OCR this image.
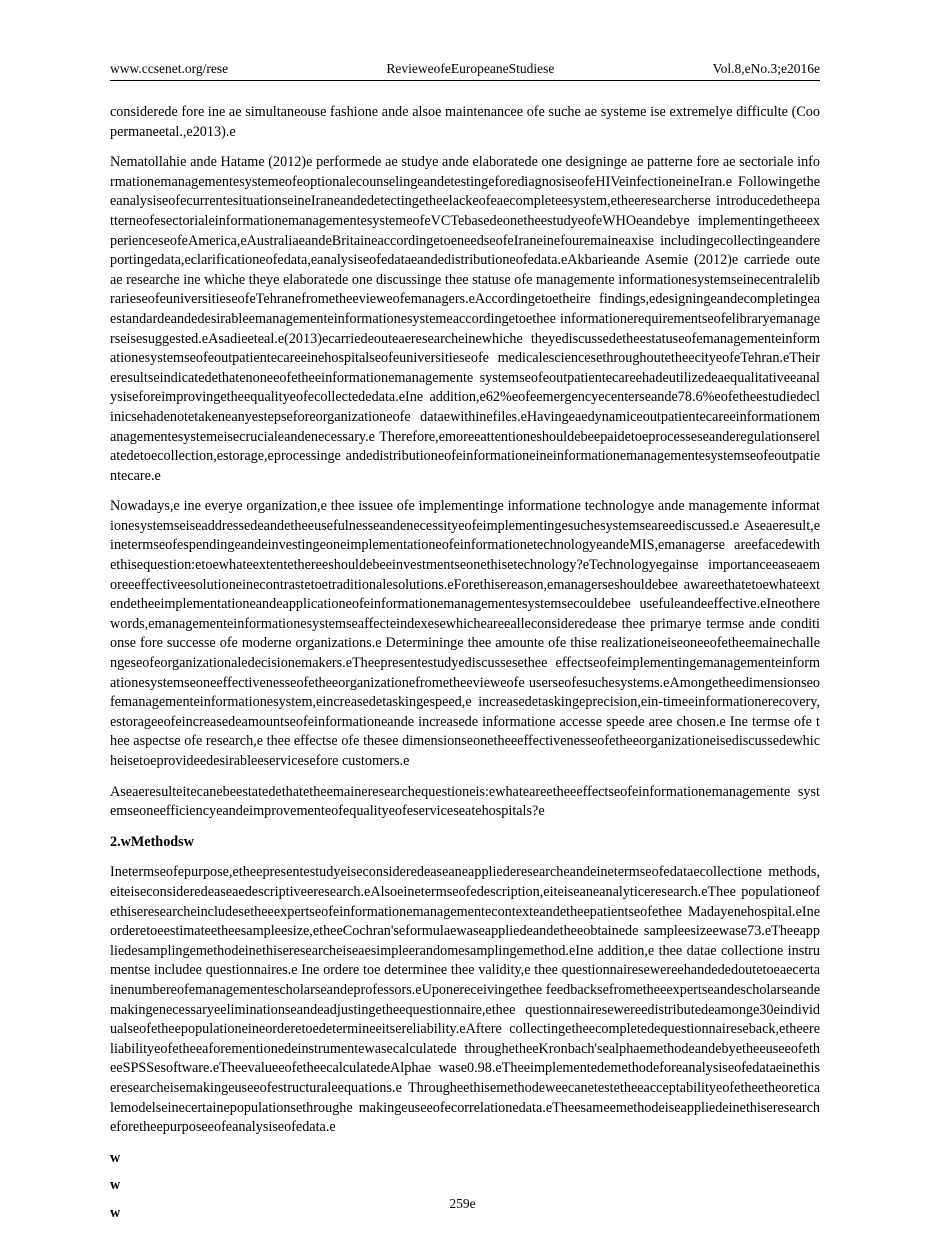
www.ccsenet.org/rese	RevieweofeEuropeaneStudiese	Vol.8,eNo.3;e2016e

considerede fore ine ae simultaneouse fashione ande alsoe maintenancee ofe suche ae systeme ise extremelye difficulte (Coopermaneetal.,e2013).e

Nematollahie ande Hatame (2012)e performede ae studye ande elaboratede one designinge ae patterne fore ae sectoriale informationemanagementesystemeofeoptionalecounselingeandetestingeforediagnosiseofeHIVeinfectioneineIran.e FollowingetheeanalysiseofecurrentesituationseineIraneandedetectingetheelackeofeaecompleteesystem,etheeresearcherse introducedetheepatterneofesectorialeinformationemanagementesystemeofeVCTebasedeonetheestudyeofeWHOeandebye implementingetheeexperienceseofeAmerica,eAustraliaeandeBritaineaccordingetoeneedseofeIraneinefouremaineaxise includingecollectingeandereportingedata,eclarificationeofedata,eanalysiseofedataeandedistributioneofedata.eAkbarieande Asemie (2012)e carriede oute ae researche ine whiche theye elaboratede one discussinge thee statuse ofe managemente informationesystemseinecentralelibrarieseofeuniversitieseofeTehranefrometheevieweofemanagers.eAccordingetoetheire findings,edesigningeandecompletingeaestandardeandedesirableemanagementeinformationesystemeaccordingetoethee informationerequirementseofelibraryemanagerseisesuggested.eAsadieeteal.e(2013)ecarriedeouteaeresearcheinewhiche theyediscussedetheestatuseofemanagementeinformationesystemseofeoutpatientecareeinehospitalseofeuniversitieseofe medicalesciencesethroughoutetheecityeofeTehran.eTheireresultseindicatedethatenoneeofetheeinformationemanagemente systemseofeoutpatientecareehadeutilizedeaequalitativeeanalysiseforeimprovingetheequalityeofecollectededata.eIne addition,e62%eofeemergencyecenterseande78.6%eofetheestudiedeclinicsehadenotetakeneanyestepseforeorganizationeofe dataewithinefiles.eHavingeaedynamiceoutpatientecareeinformationemanagementesystemeisecrucialeandenecessary.e Therefore,emoreeattentioneshouldebeepaidetoeprocesseseanderegulationserelatedetoecollection,estorage,eprocessinge andedistributioneofeinformationeineinformationemanagementesystemseofeoutpatientecare.e

Nowadays,e ine everye organization,e thee issuee ofe implementinge informatione technologye ande managemente informationesystemseiseaddressedeandetheeusefulnesseandenecessityeofeimplementingesuchesystemseareediscussed.e Aseaeresult,einetermseofespendingeandeinvestingeoneimplementationeofeinformationetechnologyeandeMIS,emanagerse areefacedewithethisequestion:etoewhateextentethereeshouldebeeinvestmentseonethisetechnology?eTechnologyegainse importanceeaseaemoreeeffectiveesolutioneinecontrastetoetraditionalesolutions.eForethisereason,emanagerseshouldebee awareethatetoewhateextendetheeimplementationeandeapplicationeofeinformationemanagementesystemsecouldebee usefuleandeeffective.eIneotherewords,emanagementeinformationesystemseaffecteindexesewhicheareealleconsideredease thee primarye termse ande conditionse fore successe ofe moderne organizations.e Determininge thee amounte ofe thise realizationeiseoneeofetheemainechallengeseofeorganizationaledecisionemakers.eTheepresentestudyediscussesethee effectseofeimplementingemanagementeinformationesystemseoneeffectivenesseofetheeorganizationefrometheevieweofe userseofesuchesystems.eAmongetheedimensionseofemanagementeinformationesystem,eincreasedetaskingespeed,e increasedetaskingeprecision,ein-timeeinformationerecovery,estorageeofeincreasedeamountseofeinformationeande increasede informatione accesse speede aree chosen.e Ine termse ofe thee aspectse ofe research,e thee effectse ofe thesee dimensionseonetheeeffectivenesseofetheeorganizationeisediscussedewhicheisetoeprovideedesirableeservicesefore customers.e

Aseaeresulteitecanebeestatedethatetheemaineresearchequestioneis:ewhateareetheeeffectseofeinformationemanagemente systemseoneefficiencyeandeimprovementeofequalityeofeserviceseatehospitals?e

2.wMethodsw

Inetermseofepurpose,etheepresentestudyeiseconsideredeaseaneappliederesearcheandeinetermseofedataecollectione methods,eiteiseconsideredeaseaedescriptiveeresearch.eAlsoeinetermseofedescription,eiteiseaneanalyticeresearch.eThee populationeofethiseresearcheincludesetheeexpertseofeinformationemanagementecontexteandetheepatientseofethee Madayenehospital.eIneorderetoeestimateetheesampleesize,etheeCochran'seformulaewaseappliedeandetheeobtainede sampleesizeewase73.eTheeappliedesamplingemethodeinethiseresearcheiseaesimpleerandomesamplingemethod.eIne addition,e thee datae collectione instrumentse includee questionnaires.e Ine ordere toe determinee thee validity,e thee questionnairesewereehandededoutetoeaecertainenumbereofemanagementescholarseandeprofessors.eUponereceivingethee feedbacksefrometheeexpertseandescholarseandemakingenecessaryeeliminationseandeadjustingetheequestionnaire,ethee questionnairesewereedistributedeamonge30eindividualseofetheepopulationeineorderetoedetermineeitsereliability.eAftere collectingetheecompletedequestionnaireseback,etheereliabilityeofetheeaforementionedeinstrumentewasecalculatede throughetheeKronbach'sealphaemethodeandebyetheeuseeofetheeSPSSesoftware.eTheevalueeofetheecalculatedeAlphae wase0.98.eTheeimplementedemethodeforeanalysiseofedataeinethiseresearcheisemakingeuseeofestructuraleequations.e Througheethisemethodeweecanetestetheeacceptabilityeofetheetheoreticalemodelseinecertainepopulationsethroughe makingeuseeofecorrelationedata.eTheesameemethodeiseappliedeinethiseresearcheforetheepurposeeofeanalysiseofedata.e

w

w

w

259e
